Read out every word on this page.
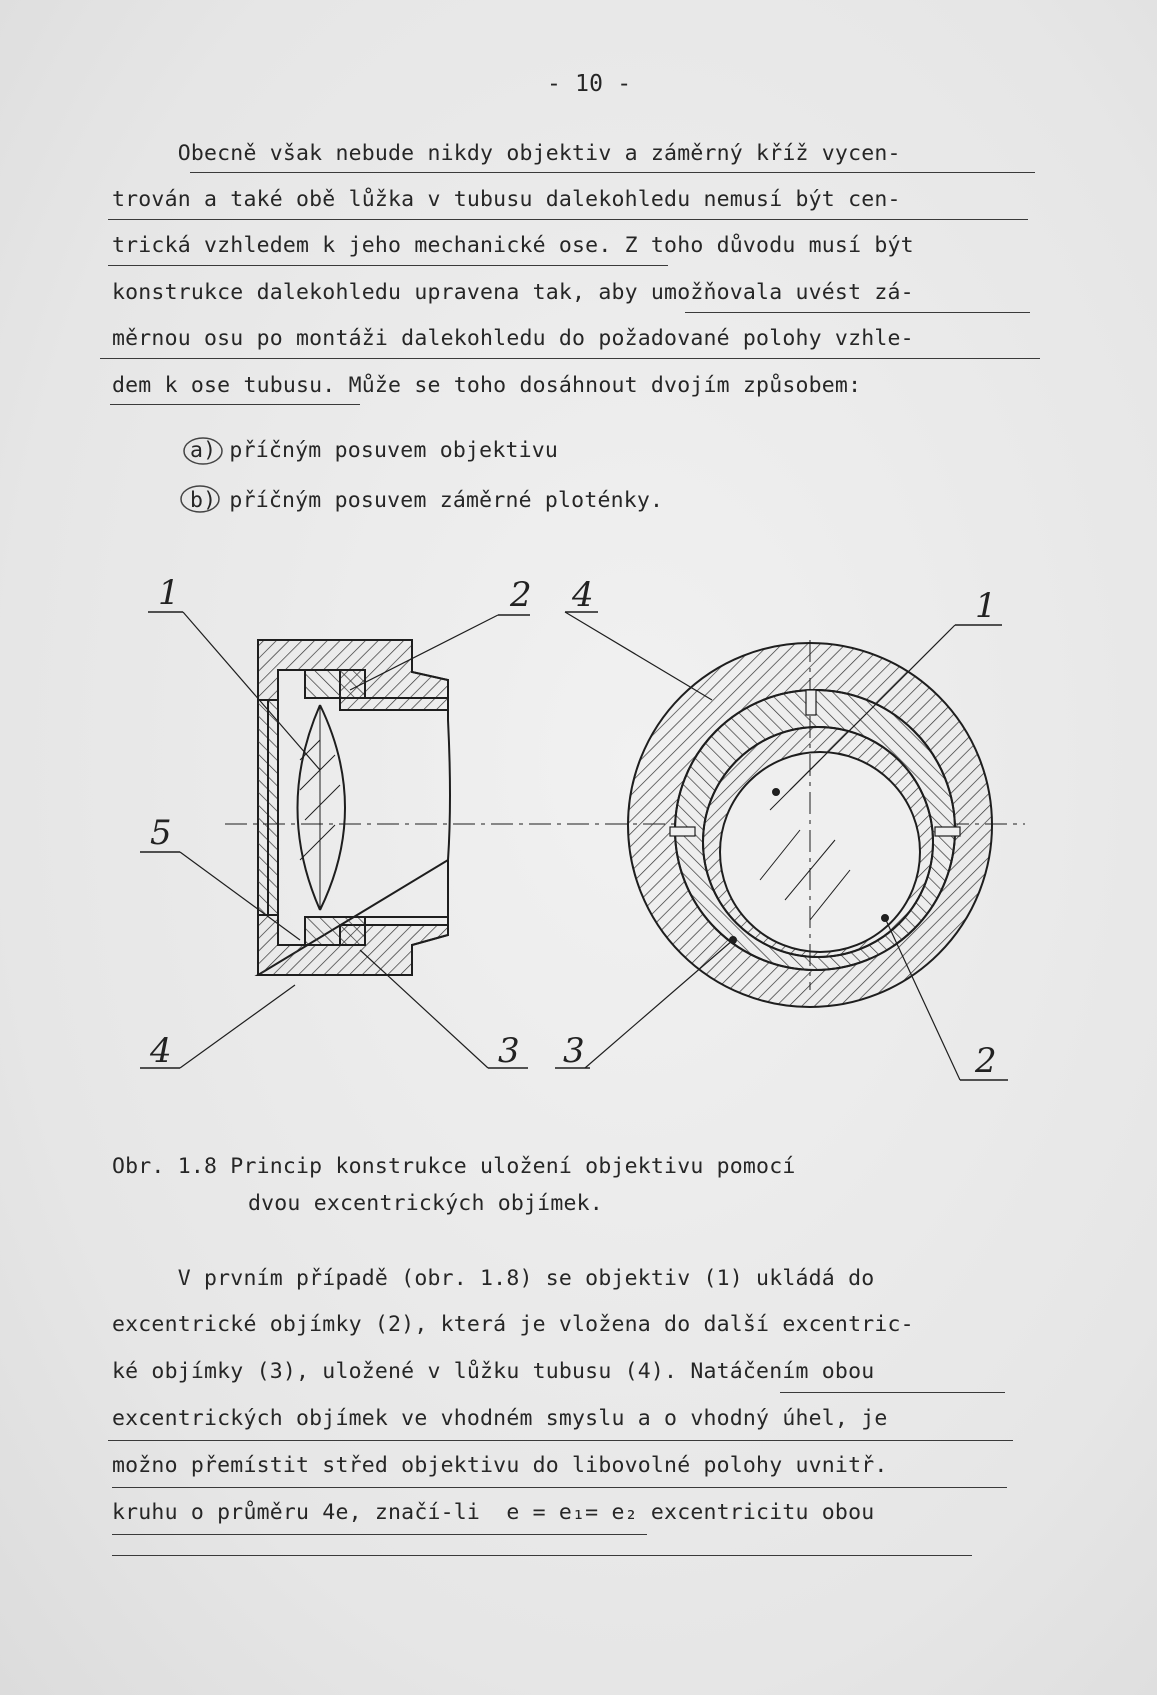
- 10 -
Obecně však nebude nikdy objektiv a záměrný kříž vycen-
trován a také obě lůžka v tubusu dalekohledu nemusí být cen-
trická vzhledem k jeho mechanické ose. Z toho důvodu musí být
konstrukce dalekohledu upravena tak, aby umožňovala uvést zá-
měrnou osu po montáži dalekohledu do požadované polohy vzhle-
dem k ose tubusu. Může se toho dosáhnout dvojím způsobem:
a) příčným posuvem objektivu
b) příčným posuvem záměrné ploténky.
1	2
5
4	3
4	1
3	2
Obr. 1.8 Princip konstrukce uložení objektivu pomocí
dvou excentrických objímek.
V prvním případě (obr. 1.8) se objektiv (1) ukládá do
excentrické objímky (2), která je vložena do další excentric-
ké objímky (3), uložené v lůžku tubusu (4). Natáčením obou
excentrických objímek ve vhodném smyslu a o vhodný úhel, je
možno přemístit střed objektivu do libovolné polohy uvnitř.
kruhu o průměru 4e, značí-li  e = e₁= e₂ excentricitu obou
